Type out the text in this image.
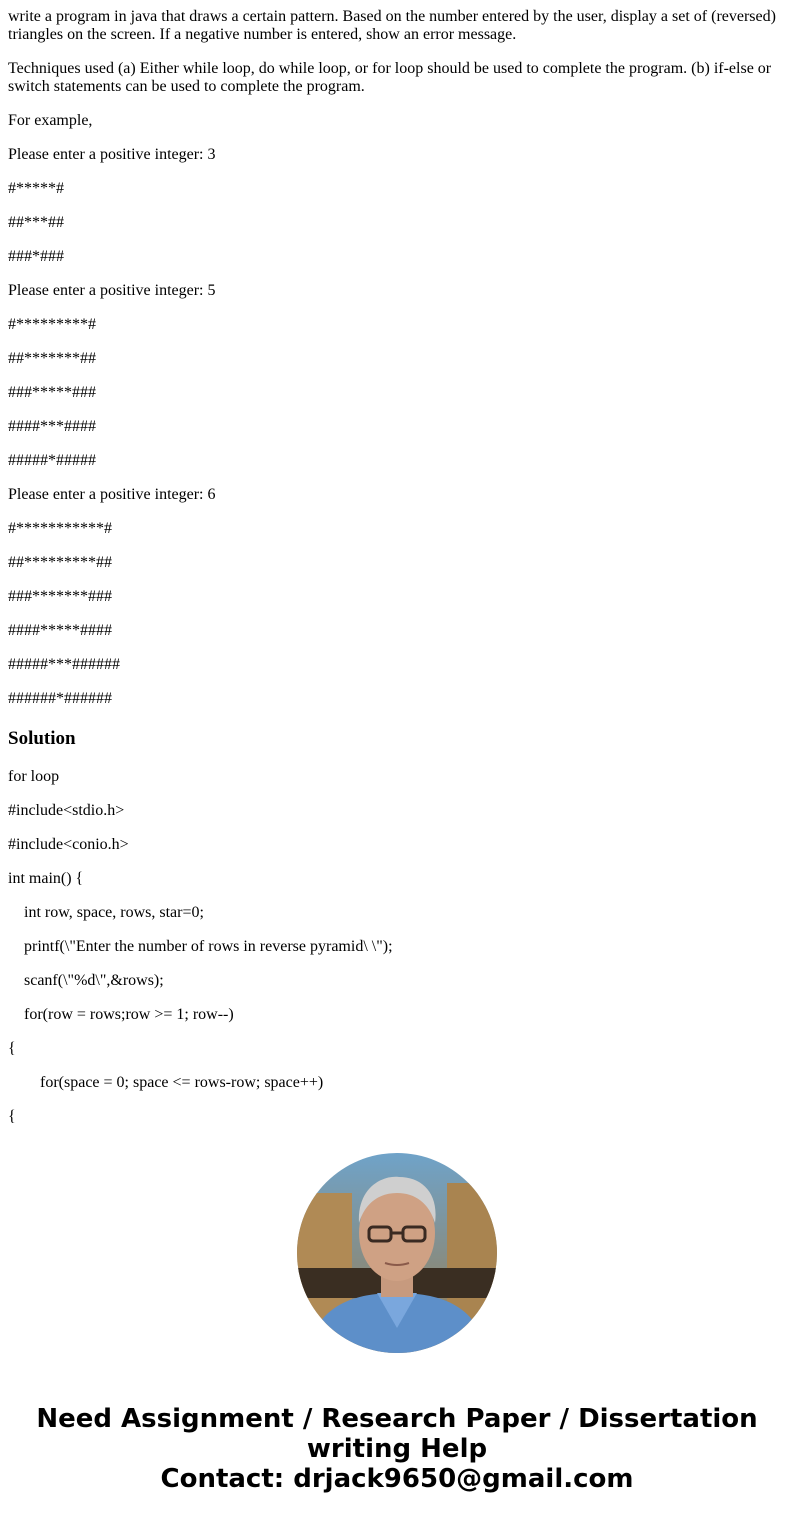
write a program in java that draws a certain pattern. Based on the number entered by the user, display a set of (reversed) triangles on the screen. If a negative number is entered, show an error message.

Techniques used (a) Either while loop, do while loop, or for loop should be used to complete the program. (b) if-else or switch statements can be used to complete the program.

For example,

Please enter a positive integer: 3

#*****#

##***##

###*###

Please enter a positive integer: 5

#*********#

##*******##

###*****###

####***####

#####*#####

Please enter a positive integer: 6

#***********#

##*********##

###*******###

####*****####

#####***######

######*######

Solution

for loop

#include<stdio.h>

#include<conio.h>

int main() {

int row, space, rows, star=0;

printf(\"Enter the number of rows in reverse pyramid\ \");

scanf(\"%d\",&rows);

for(row = rows;row >= 1; row--)

{

for(space = 0; space <= rows-row; space++)

{

Need Assignment / Research Paper / Dissertation
writing Help
Contact: drjack9650@gmail.com
